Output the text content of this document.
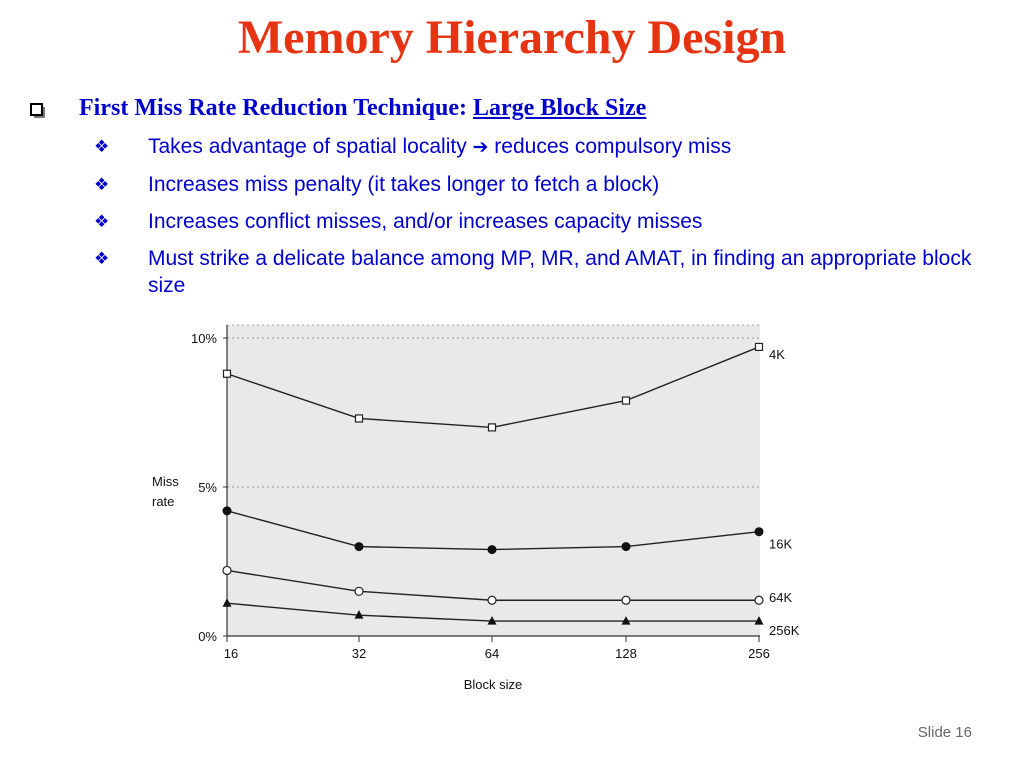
Memory Hierarchy Design
First Miss Rate Reduction Technique: Large Block Size
❖	Takes advantage of spatial locality ➔ reduces compulsory miss
❖	Increases miss penalty (it takes longer to fetch a block)
❖	Increases conflict misses, and/or increases capacity misses
❖	Must strike a delicate balance among MP, MR, and AMAT, in finding an appropriate block size
0%
5%
10%
16	32	64	128	256
Miss
rate
Block size
4K
16K
64K
256K
Slide 16
